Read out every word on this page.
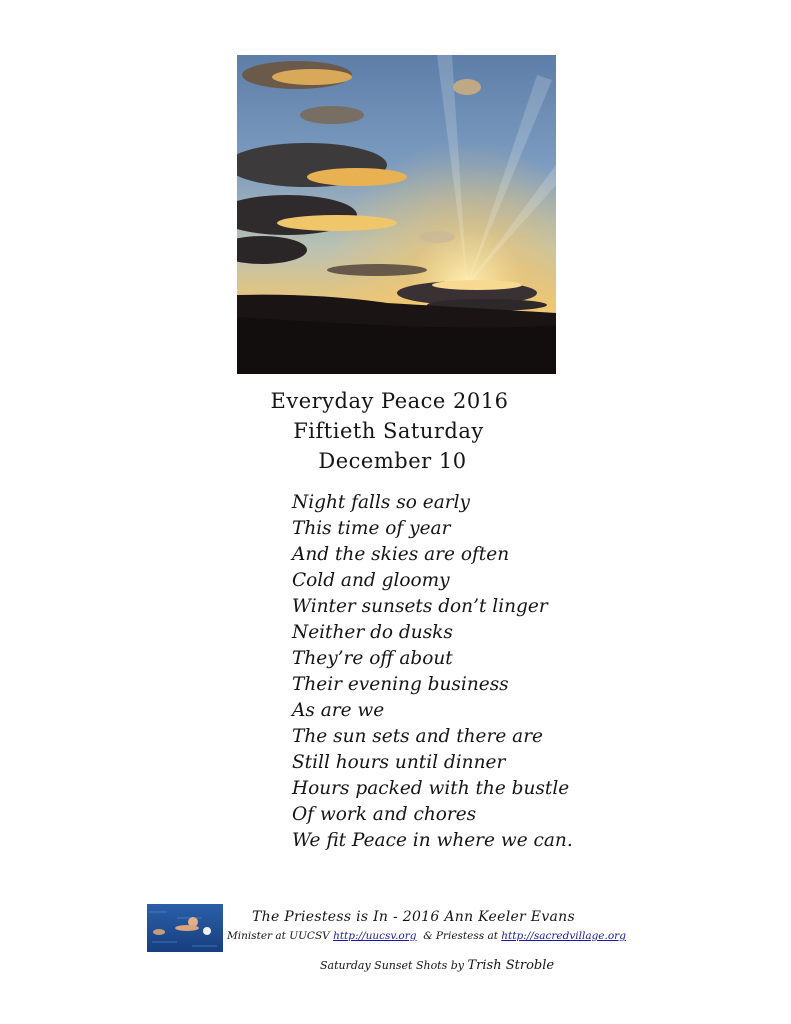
Everyday Peace 2016
Fiftieth Saturday
December 10
Night falls so early
This time of year
And the skies are often
Cold and gloomy
Winter sunsets don’t linger
Neither do dusks
They’re off about
Their evening business
As are we
The sun sets and there are
Still hours until dinner
Hours packed with the bustle
Of work and chores
We fit Peace in where we can.
The Priestess is In - 2016 Ann Keeler Evans
Minister at UUCSV http://uucsv.org & Priestess at http://sacredvillage.org
Saturday Sunset Shots by Trish Stroble
